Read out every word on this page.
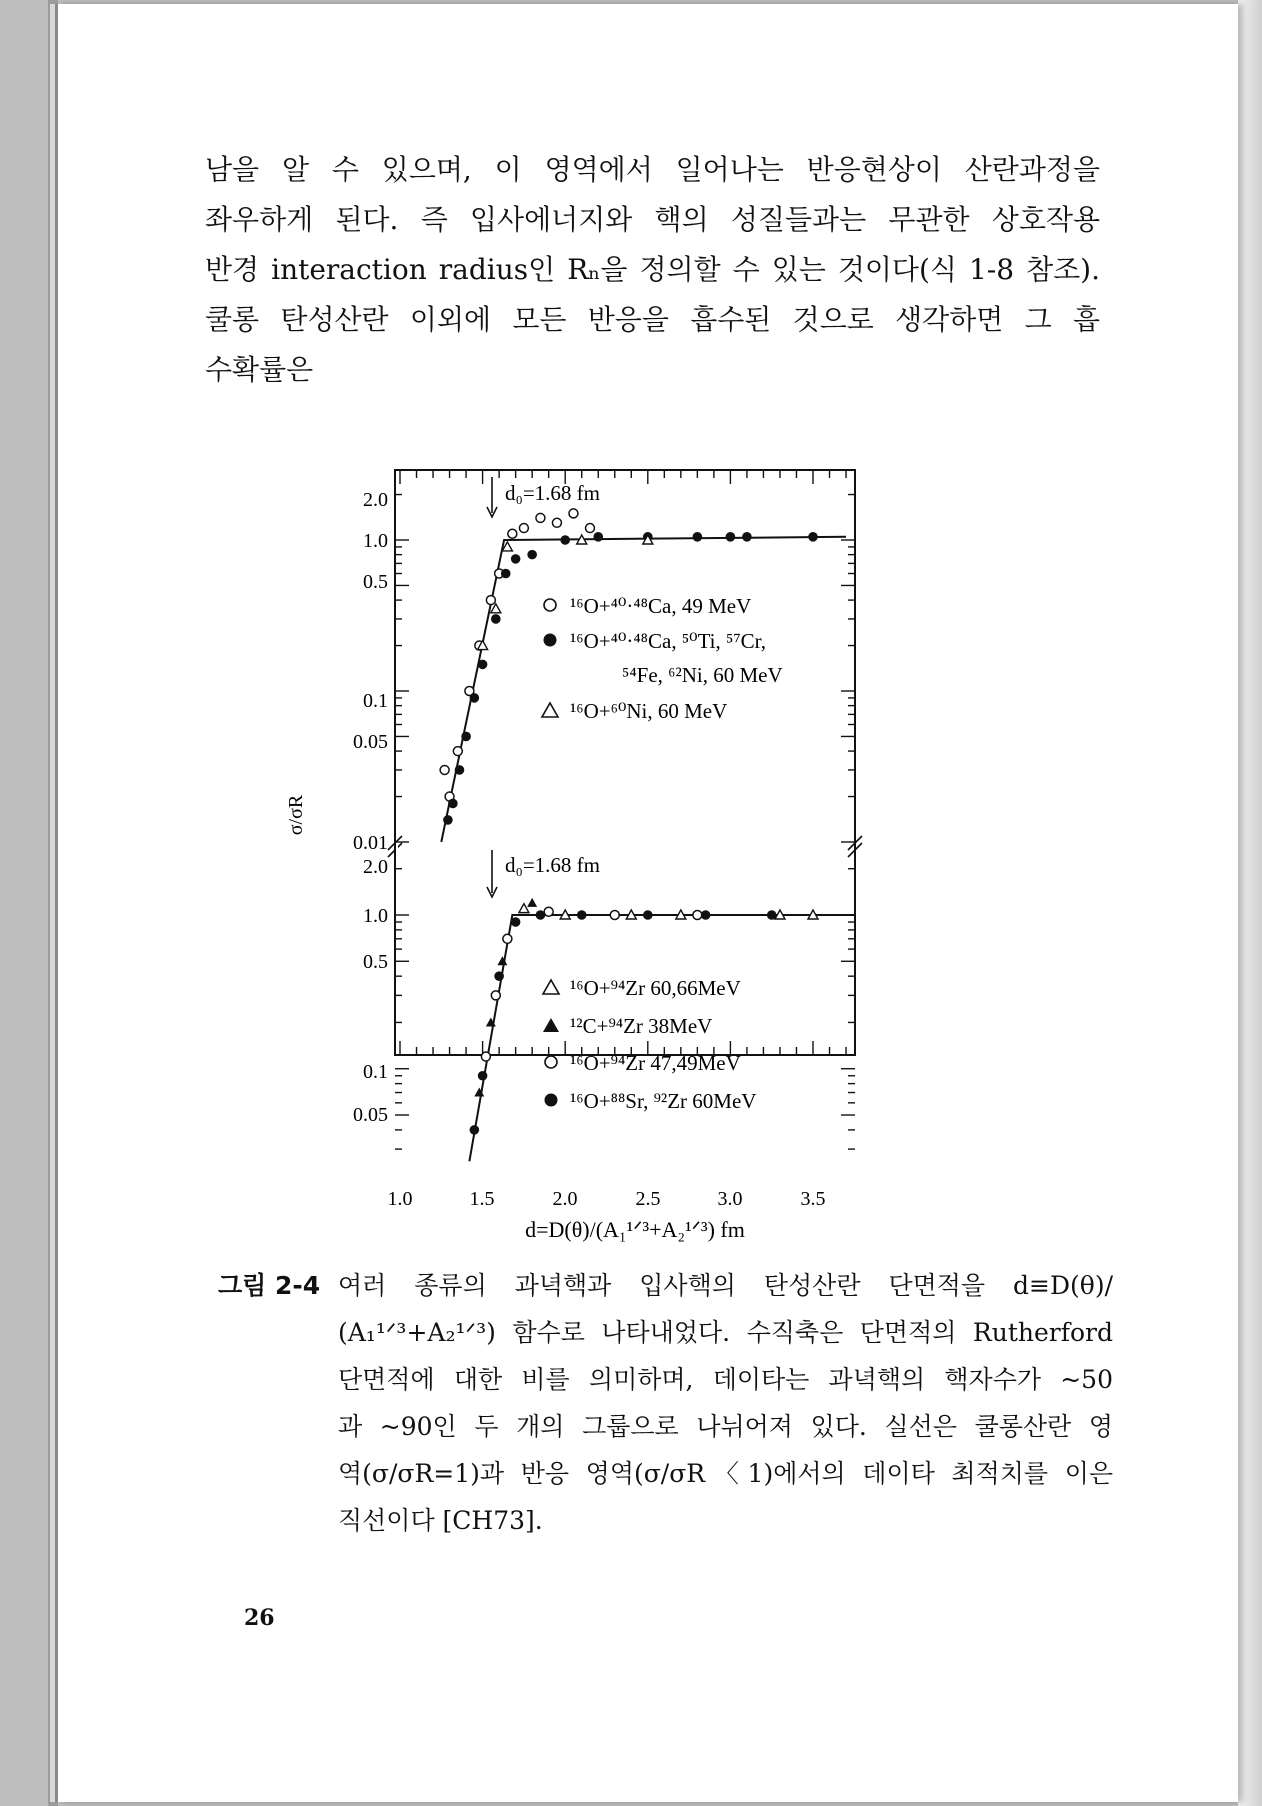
남을 알 수 있으며, 이 영역에서 일어나는 반응현상이 산란과정을
좌우하게 된다. 즉 입사에너지와 핵의 성질들과는 무관한 상호작용
반경 interaction radius인 Rₙ을 정의할 수 있는 것이다(식 1-8 참조).
쿨롱 탄성산란 이외에 모든 반응을 흡수된 것으로 생각하면 그 흡
수확률은
σ/σR
2.0
1.0
0.5
0.1
0.05
0.01
2.0
1.0
0.5
0.1
0.05
1.0	1.5	2.0	2.5	3.0	3.5
d=D(θ)/(A₁¹ᐟ³+A₂¹ᐟ³) fm
d₀=1.68 fm
d₀=1.68 fm
¹⁶O+⁴⁰·⁴⁸Ca, 49 MeV
¹⁶O+⁴⁰·⁴⁸Ca, ⁵⁰Ti, ⁵⁷Cr,
⁵⁴Fe, ⁶²Ni, 60 MeV
¹⁶O+⁶⁰Ni, 60 MeV
¹⁶O+⁹⁴Zr 60,66MeV
¹²C+⁹⁴Zr 38MeV
¹⁶O+⁹⁴Zr 47,49MeV
¹⁶O+⁸⁸Sr, ⁹²Zr 60MeV
그림 2-4 여러 종류의 과녁핵과 입사핵의 탄성산란 단면적을 d≡D(θ)/
(A₁¹ᐟ³+A₂¹ᐟ³) 함수로 나타내었다. 수직축은 단면적의 Rutherford
단면적에 대한 비를 의미하며, 데이타는 과녁핵의 핵자수가 ~50
과 ~90인 두 개의 그룹으로 나뉘어져 있다. 실선은 쿨롱산란 영
역(σ/σR=1)과 반응 영역(σ/σR〈1)에서의 데이타 최적치를 이은
직선이다 [CH73].
26
